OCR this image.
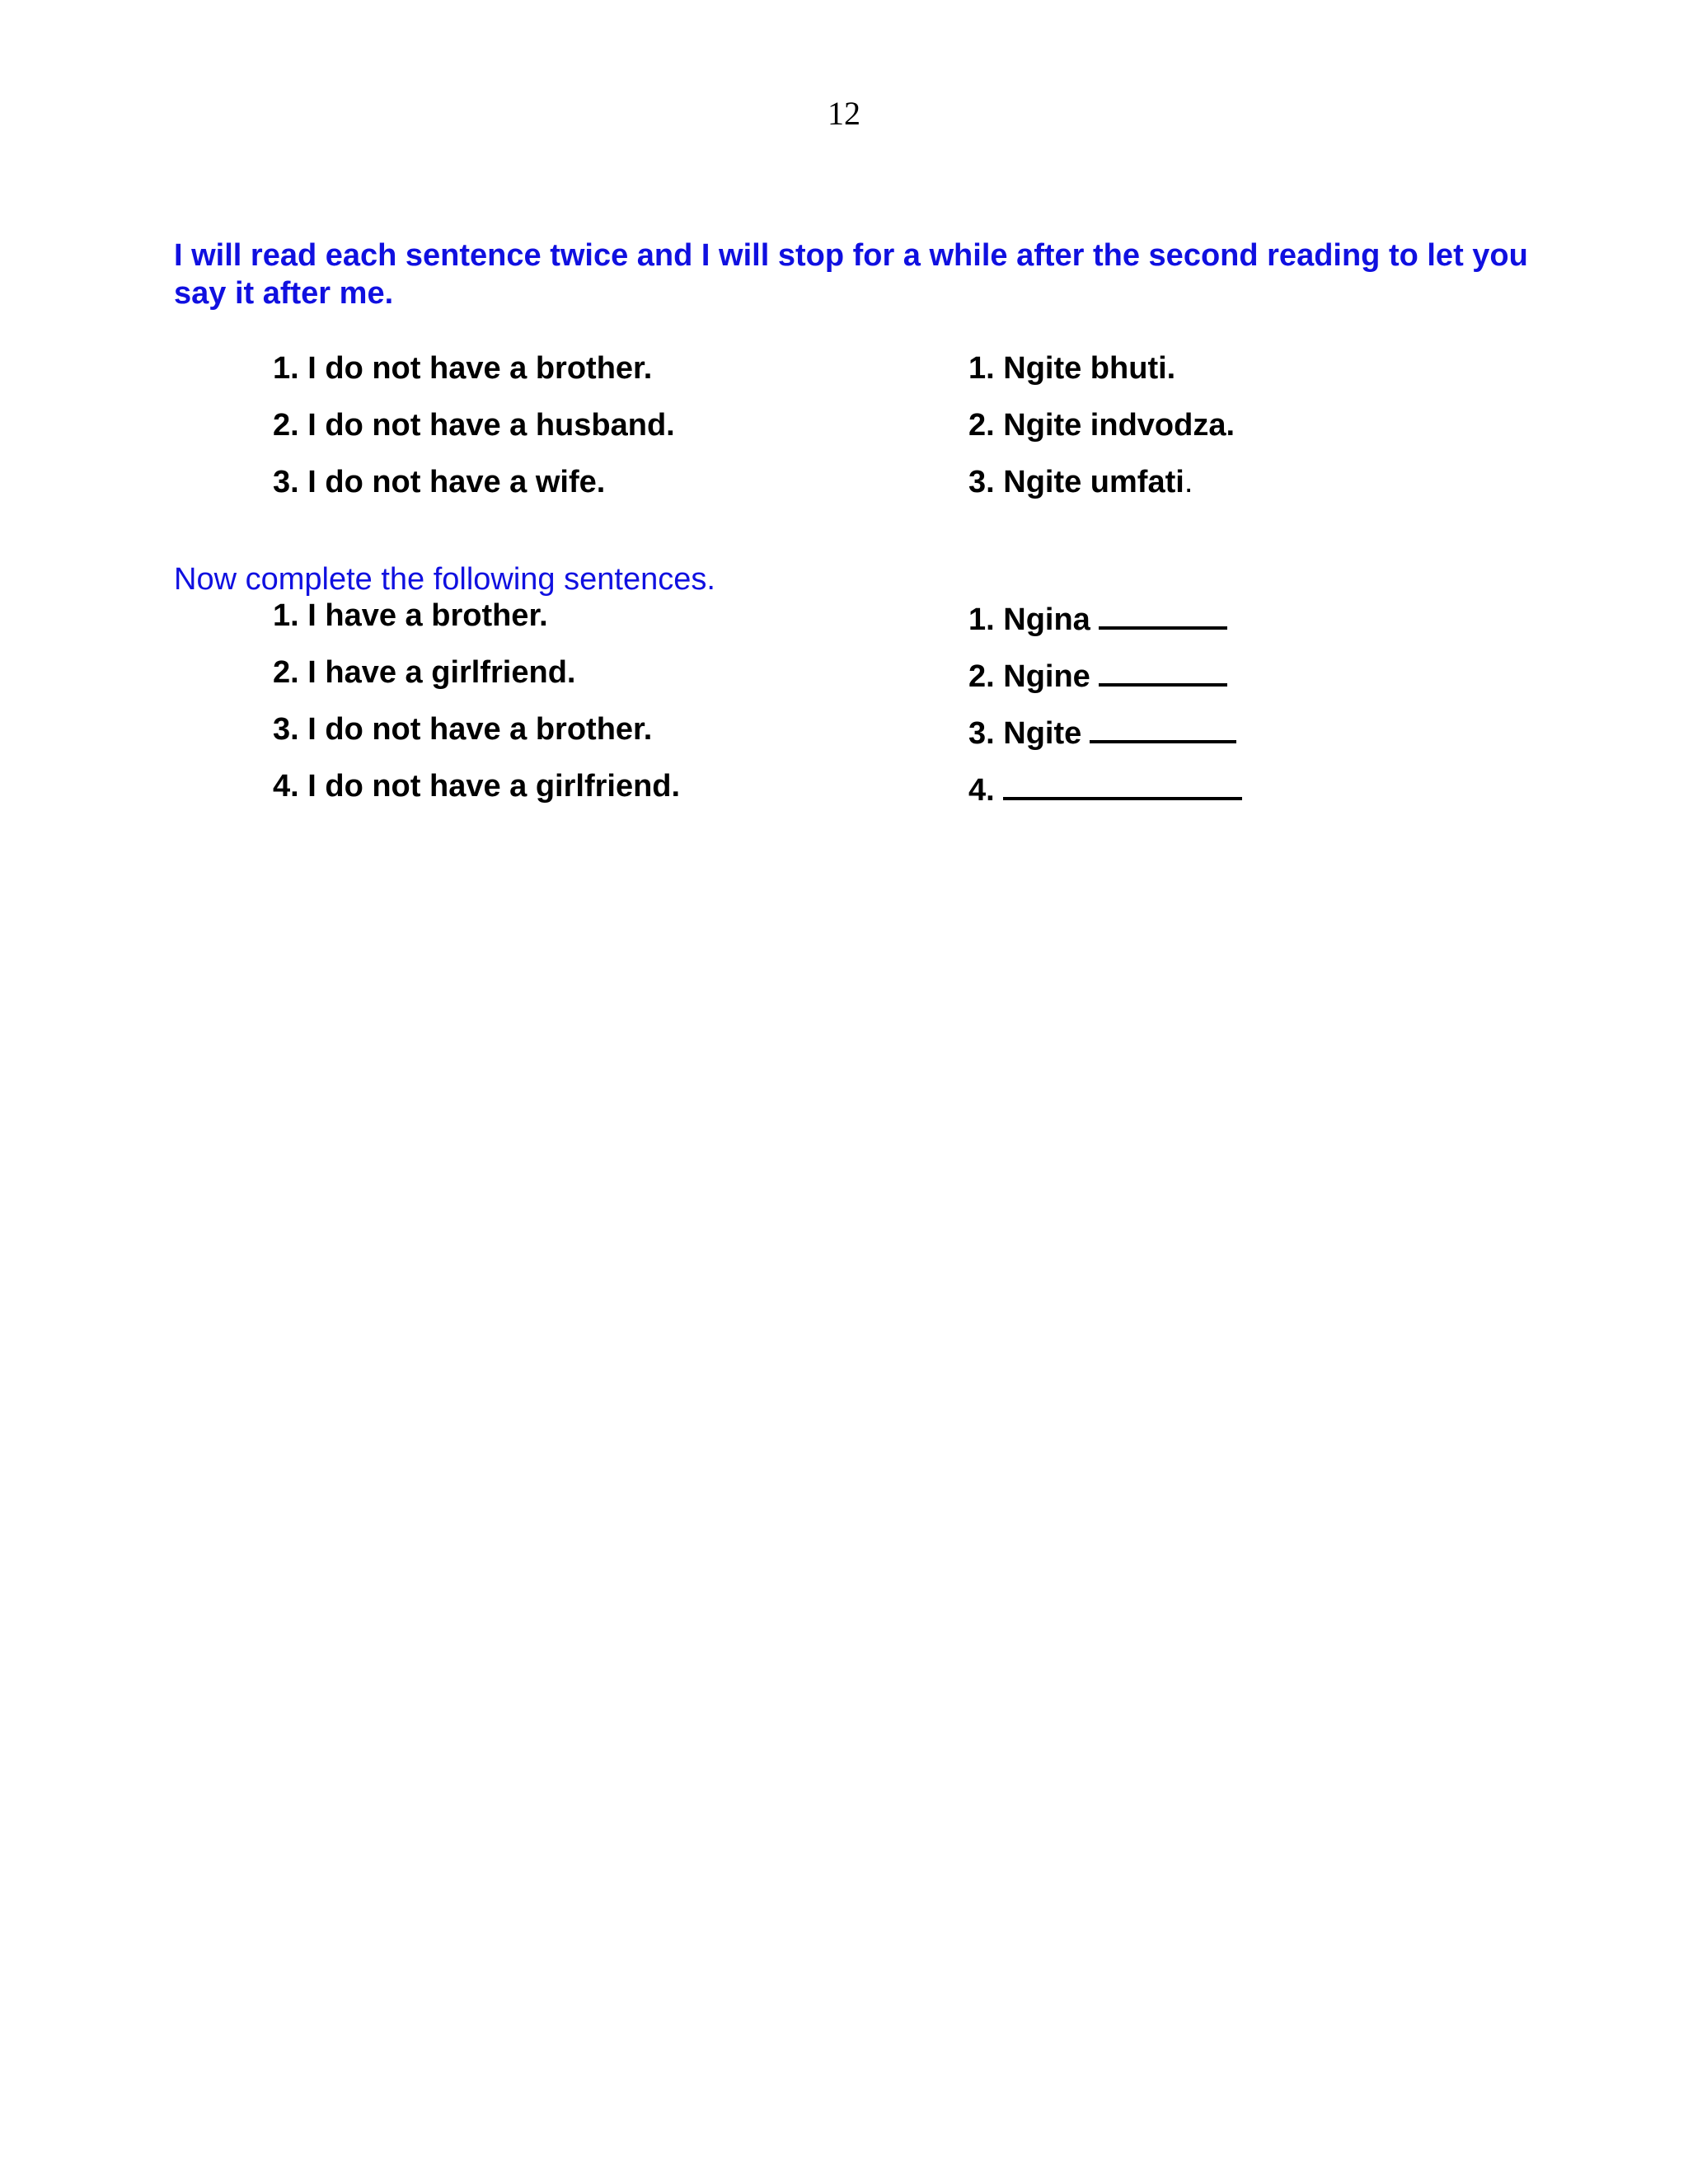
12

I will read each sentence twice and I will stop for a while after the second reading to let you say it after me.

1. I do not have a brother.
2. I do not have a husband.
3. I do not have a wife.
1. Ngite bhuti.
2. Ngite indvodza.
3. Ngite umfati.

Now complete the following sentences.

1. I have a brother.
2. I have a girlfriend.
3. I do not have a brother.
4. I do not have a girlfriend.
1. Ngina
2. Ngine
3. Ngite
4.
